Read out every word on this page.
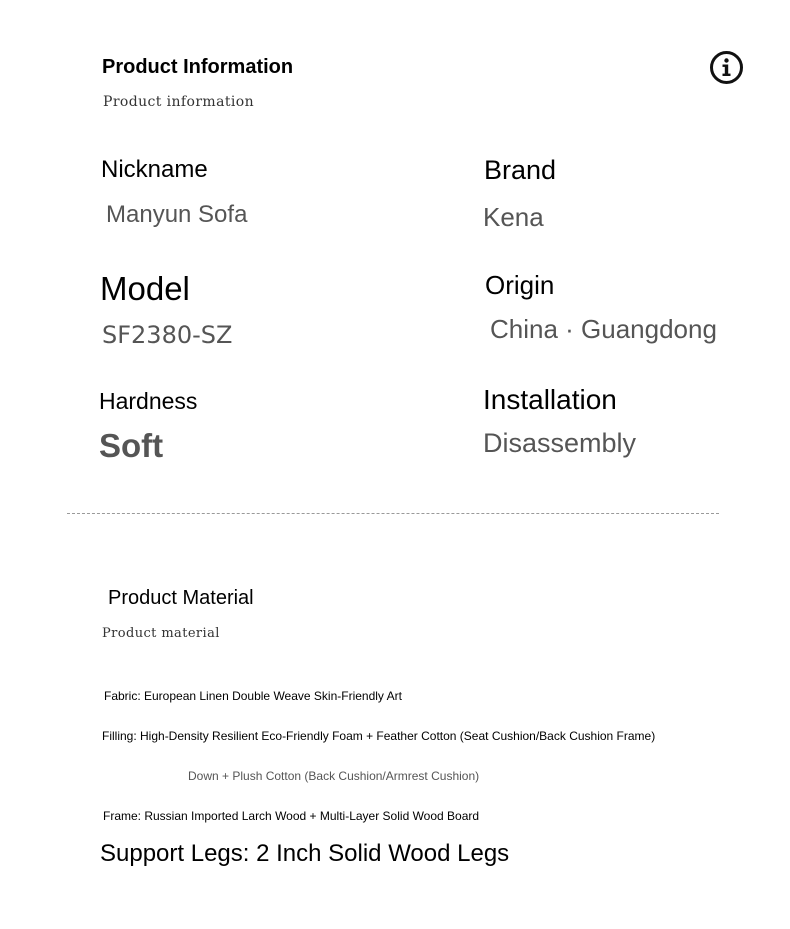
Product Information
Product information
Nickname
Manyun Sofa
Brand
Kena
Model
SF2380-SZ
Origin
China · Guangdong
Hardness
Soft
Installation
Disassembly
Product Material
Product material
Fabric: European Linen Double Weave Skin-Friendly Art
Filling: High-Density Resilient Eco-Friendly Foam + Feather Cotton (Seat Cushion/Back Cushion Frame)
Down + Plush Cotton (Back Cushion/Armrest Cushion)
Frame: Russian Imported Larch Wood + Multi-Layer Solid Wood Board
Support Legs: 2 Inch Solid Wood Legs
